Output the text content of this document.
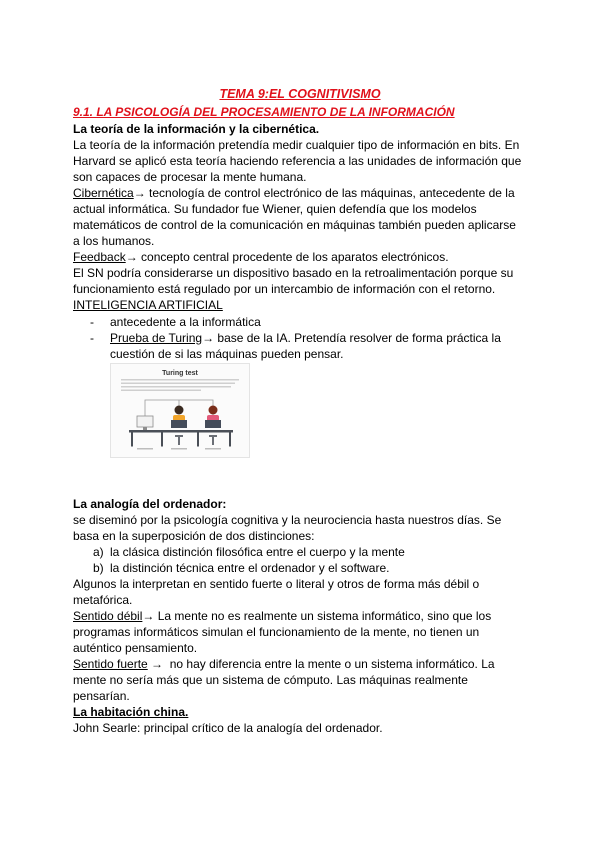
TEMA 9:EL COGNITIVISMO
9.1. LA PSICOLOGÍA DEL PROCESAMIENTO DE LA INFORMACIÓN
La teoría de la información y la cibernética.
La teoría de la información pretendía medir cualquier tipo de información en bits. En
Harvard se aplicó esta teoría haciendo referencia a las unidades de información que
son capaces de procesar la mente humana.
Cibernética→ tecnología de control electrónico de las máquinas, antecedente de la
actual informática. Su fundador fue Wiener, quien defendía que los modelos
matemáticos de control de la comunicación en máquinas también pueden aplicarse
a los humanos.
Feedback→ concepto central procedente de los aparatos electrónicos.
El SN podría considerarse un dispositivo basado en la retroalimentación porque su
funcionamiento está regulado por un intercambio de información con el retorno.
INTELIGENCIA ARTIFICIAL
- antecedente a la informática
- Prueba de Turing→ base de la IA. Pretendía resolver de forma práctica la
cuestión de si las máquinas pueden pensar.
Turing test
La analogía del ordenador:
se diseminó por la psicología cognitiva y la neurociencia hasta nuestros días. Se
basa en la superposición de dos distinciones:
a) la clásica distinción filosófica entre el cuerpo y la mente
b) la distinción técnica entre el ordenador y el software.
Algunos la interpretan en sentido fuerte o literal y otros de forma más débil o
metafórica.
Sentido débil→ La mente no es realmente un sistema informático, sino que los
programas informáticos simulan el funcionamiento de la mente, no tienen un
auténtico pensamiento.
Sentido fuerte →  no hay diferencia entre la mente o un sistema informático. La
mente no sería más que un sistema de cómputo. Las máquinas realmente
pensarían.
La habitación china.
John Searle: principal crítico de la analogía del ordenador.
